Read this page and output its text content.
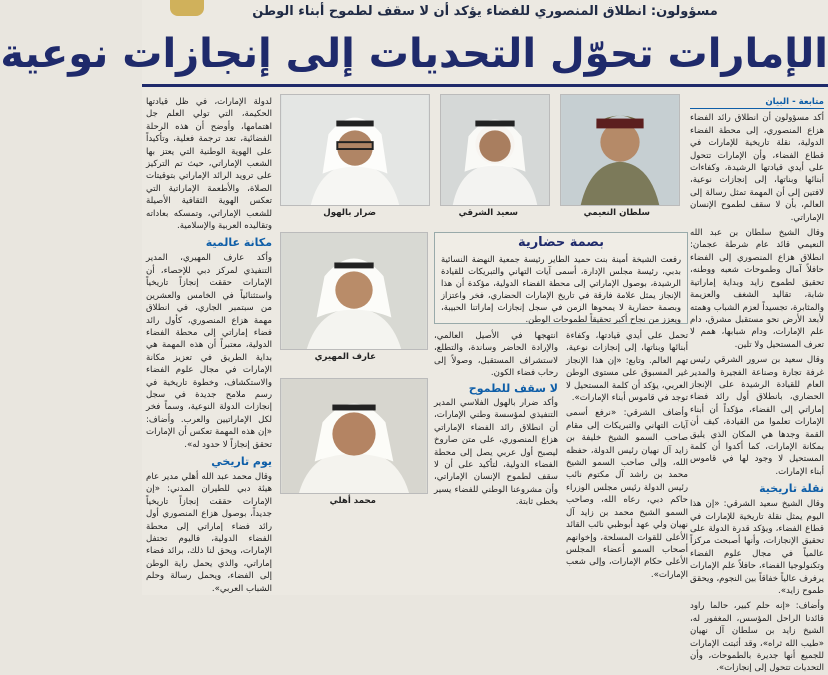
مسؤولون: انطلاق المنصوري للفضاء يؤكد أن لا سقف لطموح أبناء الوطن
الإمارات تحوّل التحديات إلى إنجازات نوعية
متابعة - البيان

أكد مسؤولون أن انطلاق رائد الفضاء هزاع المنصوري، إلى محطة الفضاء الدولية، نقلة تاريخية للإمارات في قطاع الفضاء، وأن الإمارات تتحول على أيدي قيادتها الرشيدة، وكفاءات أبنائها وبناتها، إلى إنجازات نوعية، لافتين إلى أن المهمة تمثل رسالة إلى العالم، بأن لا سقف لطموح الإنسان الإماراتي.

وقال الشيخ سلطان بن عبد الله النعيمي قائد عام شرطة عجمان: انطلاق هزاع المنصوري إلى الفضاء حافلاً آمال وطموحات شعبه ووطنه، تحقيق لطموح زايد وبداية إماراتية شابة، تقاليد الشغف والعزيمة والمثابرة، تجسيداً لعزم الشباب وهمته لأبعد الأرض نحو مستقبل مشرق، دام علم الإمارات، ودام شبابها، همم لا تعرف المستحيل ولا تلين.

وقال سعيد بن سرور الشرقي رئيس غرفة تجارة وصناعة الفجيرة والمدير العام للقيادة الرشيدة على الإنجاز الحضاري، بانطلاق أول رائد فضاء إماراتي إلى الفضاء، مؤكداً أن أبناء الإمارات تعلموا من القيادة، كيف أن القمة وجدها هي المكان الذي يليق بمكانة الإمارات، كما أكدوا أن كلمة المستحيل لا وجود لها في قاموس أبناء الإمارات.

نقلة تاريخية

وقال الشيخ سعيد الشرقي: «إن هذا اليوم يمثل نقلة تاريخية للإمارات في قطاع الفضاء، ويؤكد قدرة الدولة على تحقيق الإنجازات، وأنها أصبحت مركزاً عالمياً في مجال علوم الفضاء وتكنولوجيا الفضاء، حافلاً علم الإمارات يرفرف عالياً خفاقاً بين النجوم، ويحقق طموح زايد».

وأضاف: «إنه حلم كبير، حالما راود قائدنا الراحل المؤسس، المغفور له، الشيخ زايد بن سلطان آل نهيان «طيب الله ثراه»، وقد أثبتت الإمارات للجميع أنها جديرة بالطموحات، وأن التحديات تتحول إلى إنجازات».

سلطان النعيمي
سعيد الشرقي
ضرار بالهول
بصمة حضارية
رفعت الشيخة أمينة بنت حميد الطاير رئيسة جمعية النهضة النسائية بدبي، رئيسة مجلس الإدارة، أسمى آيات التهاني والتبريكات للقيادة الرشيدة، بوصول الإماراتي إلى محطة الفضاء الدولية، مؤكدة أن هذا الإنجاز يمثل علامة فارقة في تاريخ الإمارات الحضاري، فخر واعتزاز وبصمة حضارية لا يمحوها الزمن في سجل إنجازات إماراتنا الحبيبة، ويعزز من نجاح أكبر تحقيقاً لطموحات الوطن.
عارف المهيري
محمد أهلي

تحمل على أيدي قيادتها، وكفاءة أبنائها وبناتها، إلى إنجازات نوعية، تهم العالم. وتابع: «إن هذا الإنجاز غير المسبوق على مستوى الوطن العربي، يؤكد أن كلمة المستحيل لا توجد في قاموس أبناء الإمارات».

وأضاف الشرقي: «نرفع أسمى آيات التهاني والتبريكات إلى مقام صاحب السمو الشيخ خليفة بن زايد آل نهيان رئيس الدولة، حفظه الله، وإلى صاحب السمو الشيخ محمد بن راشد آل مكتوم نائب رئيس الدولة رئيس مجلس الوزراء حاكم دبي، رعاه الله، وصاحب السمو الشيخ محمد بن زايد آل نهيان ولي عهد أبوظبي نائب القائد الأعلى للقوات المسلحة، وإخوانهم أصحاب السمو أعضاء المجلس الأعلى حكام الإمارات، وإلى شعب الإمارات».

انتهجها في الأصيل العالمي، والإرادة الحاضر وساندة، والتطلع، لاستشراف المستقبل، وصولاً إلى رحاب فضاء الكون.

لا سقف للطموح

وأكد ضرار بالهول الفلاسي المدير التنفيذي لمؤسسة وطني الإمارات، أن انطلاق رائد الفضاء الإماراتي هزاع المنصوري، على متن صاروخ ليصبح أول عربي يصل إلى محطة الفضاء الدولية، لتأكيد على أن لا سقف لطموح الإنسان الإماراتي، وأن مشروعنا الوطني للفضاء يسير بخطى ثابتة.

لدولة الإمارات، في ظل قيادتها الحكيمة، التي تولي العلم جل اهتمامها، وأوضح أن هذه الرحلة الفضائية، تعد ترجمة فعلية، وتأكيداً على الهوية الوطنية التي يعتز بها الشعب الإماراتي، حيث تم التركيز على ترويد الرائد الإماراتي بتوقيتات الصلاة، والأطعمة الإماراتية التي تعكس الهوية الثقافية الأصيلة للشعب الإماراتي، وتمسكه بعاداته وتقاليده العربية والإسلامية.

مكانة عالمية

وأكد عارف المهيري، المدير التنفيذي لمركز دبي للإحصاء، أن الإمارات حققت إنجازاً تاريخياً واستثنائياً في الخامس والعشرين من سبتمبر الجاري، في انطلاق مهمة هزاع المنصوري، كأول رائد فضاء إماراتي إلى محطة الفضاء الدولية، معتبراً أن هذه المهمة هي بداية الطريق في تعزيز مكانة الإمارات في مجال علوم الفضاء والاستكشاف، وخطوة تاريخية في رسم ملامح جديدة في سجل إنجازات الدولة النوعية، وسماً فخر لكل الإماراتيين والعرب. وأضاف: «إن هذه المهمة تعكس أن الإمارات تحقق إنجازاً لا حدود له».

يوم تاريخي

وقال محمد عبد الله أهلي مدير عام هيئة دبي للطيران المدني: «إن الإمارات حققت إنجازاً تاريخياً جديداً، بوصول هزاع المنصوري أول رائد فضاء إماراتي إلى محطة الفضاء الدولية، فاليوم تحتفل الإمارات، ويحق لنا ذلك، برائد فضاء إماراتي، والذي يحمل راية الوطن إلى الفضاء، ويحمل رسالة وحلم الشباب العربي».
